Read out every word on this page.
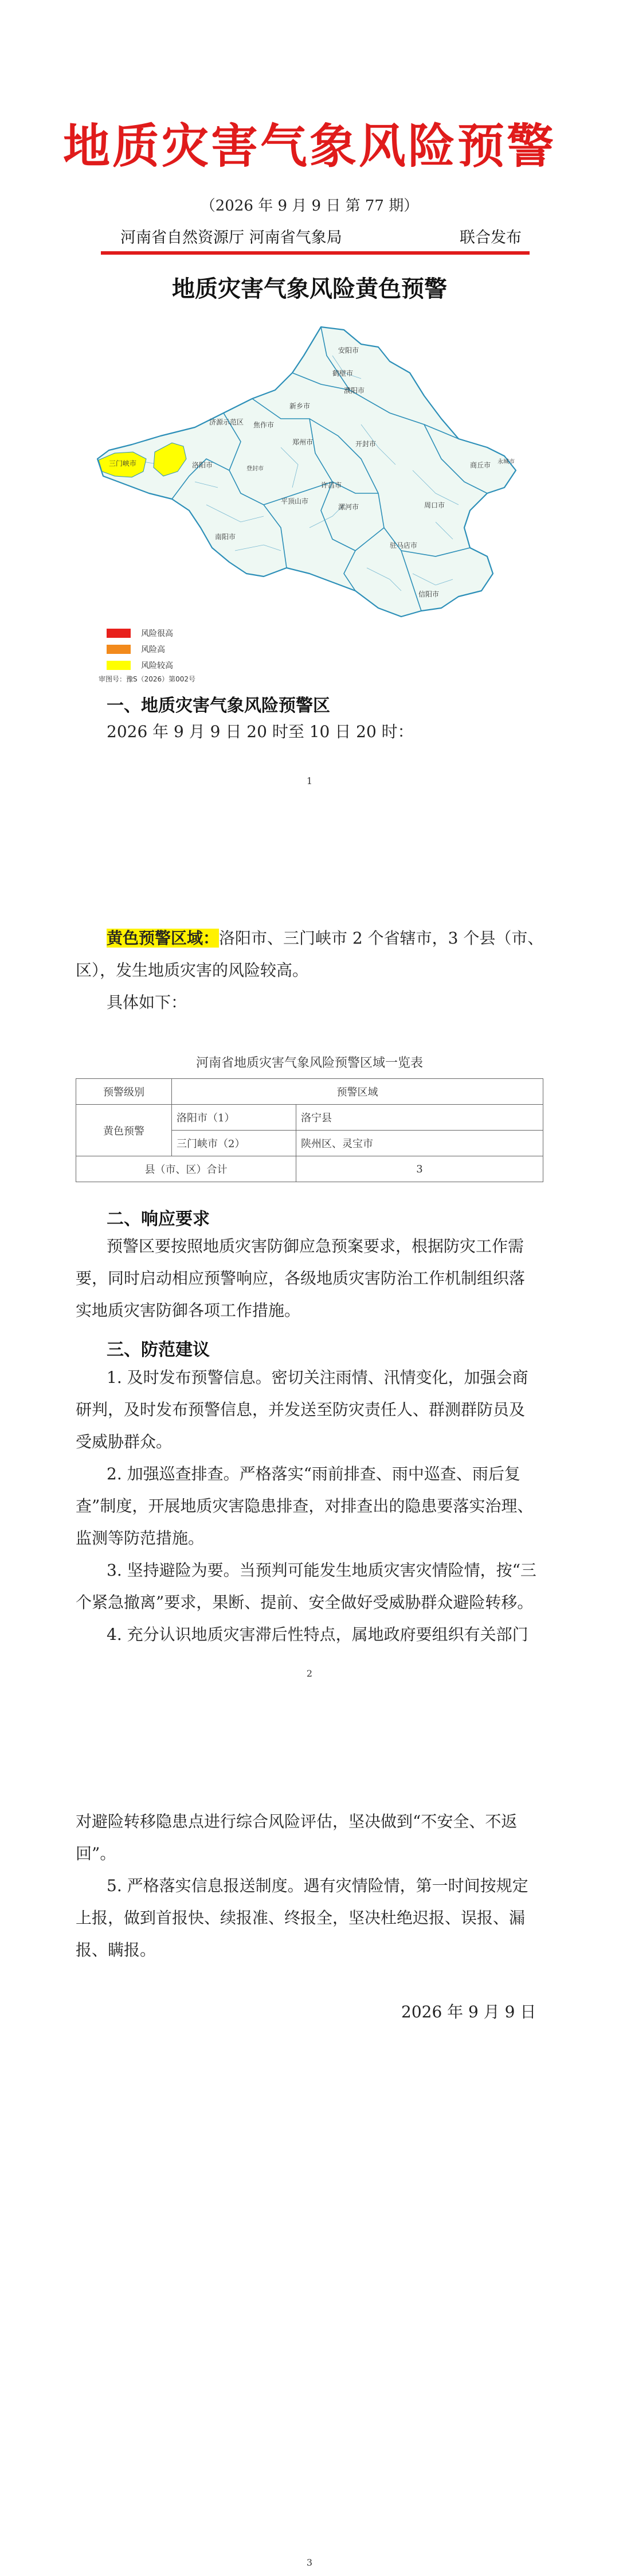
地质灾害气象风险预警
（2026 年 9 月 9 日 第 77 期）
河南省自然资源厅 河南省气象局	联合发布
地质灾害气象风险黄色预警
安阳市
鹤壁市
濮阳市
新乡市
焦作市
济源示范区
三门峡市	洛阳市
郑州市	开封市
商丘市
许昌市
平顶山市
漯河市	周口市
南阳市
驻马店市
信阳市
登封市
永城市
风险很高
风险高
风险较高
审图号：豫S（2026）第002号
一、地质灾害气象风险预警区
2026 年 9 月 9 日 20 时至 10 日 20 时：
1
黄色预警区域：洛阳市、三门峡市 2 个省辖市，3 个县（市、
区），发生地质灾害的风险较高。
具体如下：
河南省地质灾害气象风险预警区域一览表
预警级别	预警区域	
黄色预警	洛阳市（1）	洛宁县
	三门峡市（2）	陕州区、灵宝市
县（市、区）合计		3
二、响应要求
预警区要按照地质灾害防御应急预案要求，根据防灾工作需
要，同时启动相应预警响应，各级地质灾害防治工作机制组织落
实地质灾害防御各项工作措施。
三、防范建议
1. 及时发布预警信息。密切关注雨情、汛情变化，加强会商
研判，及时发布预警信息，并发送至防灾责任人、群测群防员及
受威胁群众。
2. 加强巡查排查。严格落实“雨前排查、雨中巡查、雨后复
查”制度，开展地质灾害隐患排查，对排查出的隐患要落实治理、
监测等防范措施。
3. 坚持避险为要。当预判可能发生地质灾害灾情险情，按“三
个紧急撤离”要求，果断、提前、安全做好受威胁群众避险转移。
4. 充分认识地质灾害滞后性特点，属地政府要组织有关部门
2
对避险转移隐患点进行综合风险评估，坚决做到“不安全、不返
回”。
5. 严格落实信息报送制度。遇有灾情险情，第一时间按规定
上报，做到首报快、续报准、终报全，坚决杜绝迟报、误报、漏
报、瞒报。
2026 年 9 月 9 日
3
